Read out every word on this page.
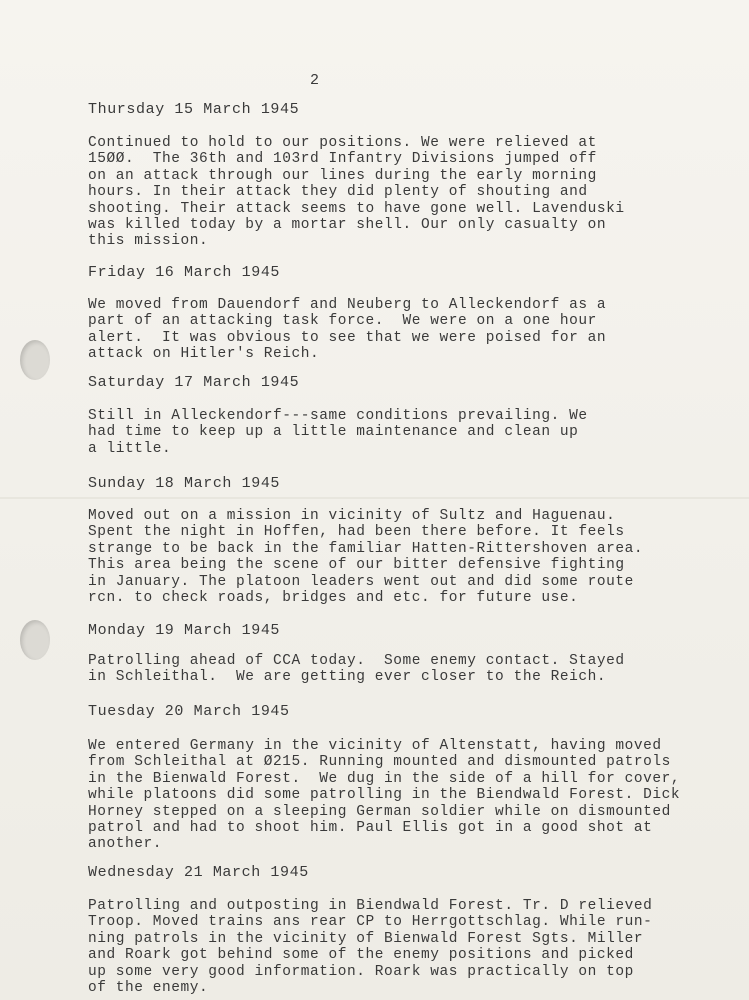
2
Thursday 15 March 1945
Continued to hold to our positions. We were relieved at
15ØØ.  The 36th and 103rd Infantry Divisions jumped off
on an attack through our lines during the early morning
hours. In their attack they did plenty of shouting and
shooting. Their attack seems to have gone well. Lavenduski
was killed today by a mortar shell. Our only casualty on
this mission.
Friday 16 March 1945
We moved from Dauendorf and Neuberg to Alleckendorf as a
part of an attacking task force.  We were on a one hour
alert.  It was obvious to see that we were poised for an
attack on Hitler's Reich.
Saturday 17 March 1945
Still in Alleckendorf---same conditions prevailing. We
had time to keep up a little maintenance and clean up
a little.
Sunday 18 March 1945
Moved out on a mission in vicinity of Sultz and Haguenau.
Spent the night in Hoffen, had been there before. It feels
strange to be back in the familiar Hatten-Rittershoven area.
This area being the scene of our bitter defensive fighting
in January. The platoon leaders went out and did some route
rcn. to check roads, bridges and etc. for future use.
Monday 19 March 1945
Patrolling ahead of CCA today.  Some enemy contact. Stayed
in Schleithal.  We are getting ever closer to the Reich.
Tuesday 20 March 1945
We entered Germany in the vicinity of Altenstatt, having moved
from Schleithal at Ø215. Running mounted and dismounted patrols
in the Bienwald Forest.  We dug in the side of a hill for cover,
while platoons did some patrolling in the Biendwald Forest. Dick
Horney stepped on a sleeping German soldier while on dismounted
patrol and had to shoot him. Paul Ellis got in a good shot at
another.
Wednesday 21 March 1945
Patrolling and outposting in Biendwald Forest. Tr. D relieved
Troop. Moved trains ans rear CP to Herrgottschlag. While run-
ning patrols in the vicinity of Bienwald Forest Sgts. Miller
and Roark got behind some of the enemy positions and picked
up some very good information. Roark was practically on top
of the enemy.
